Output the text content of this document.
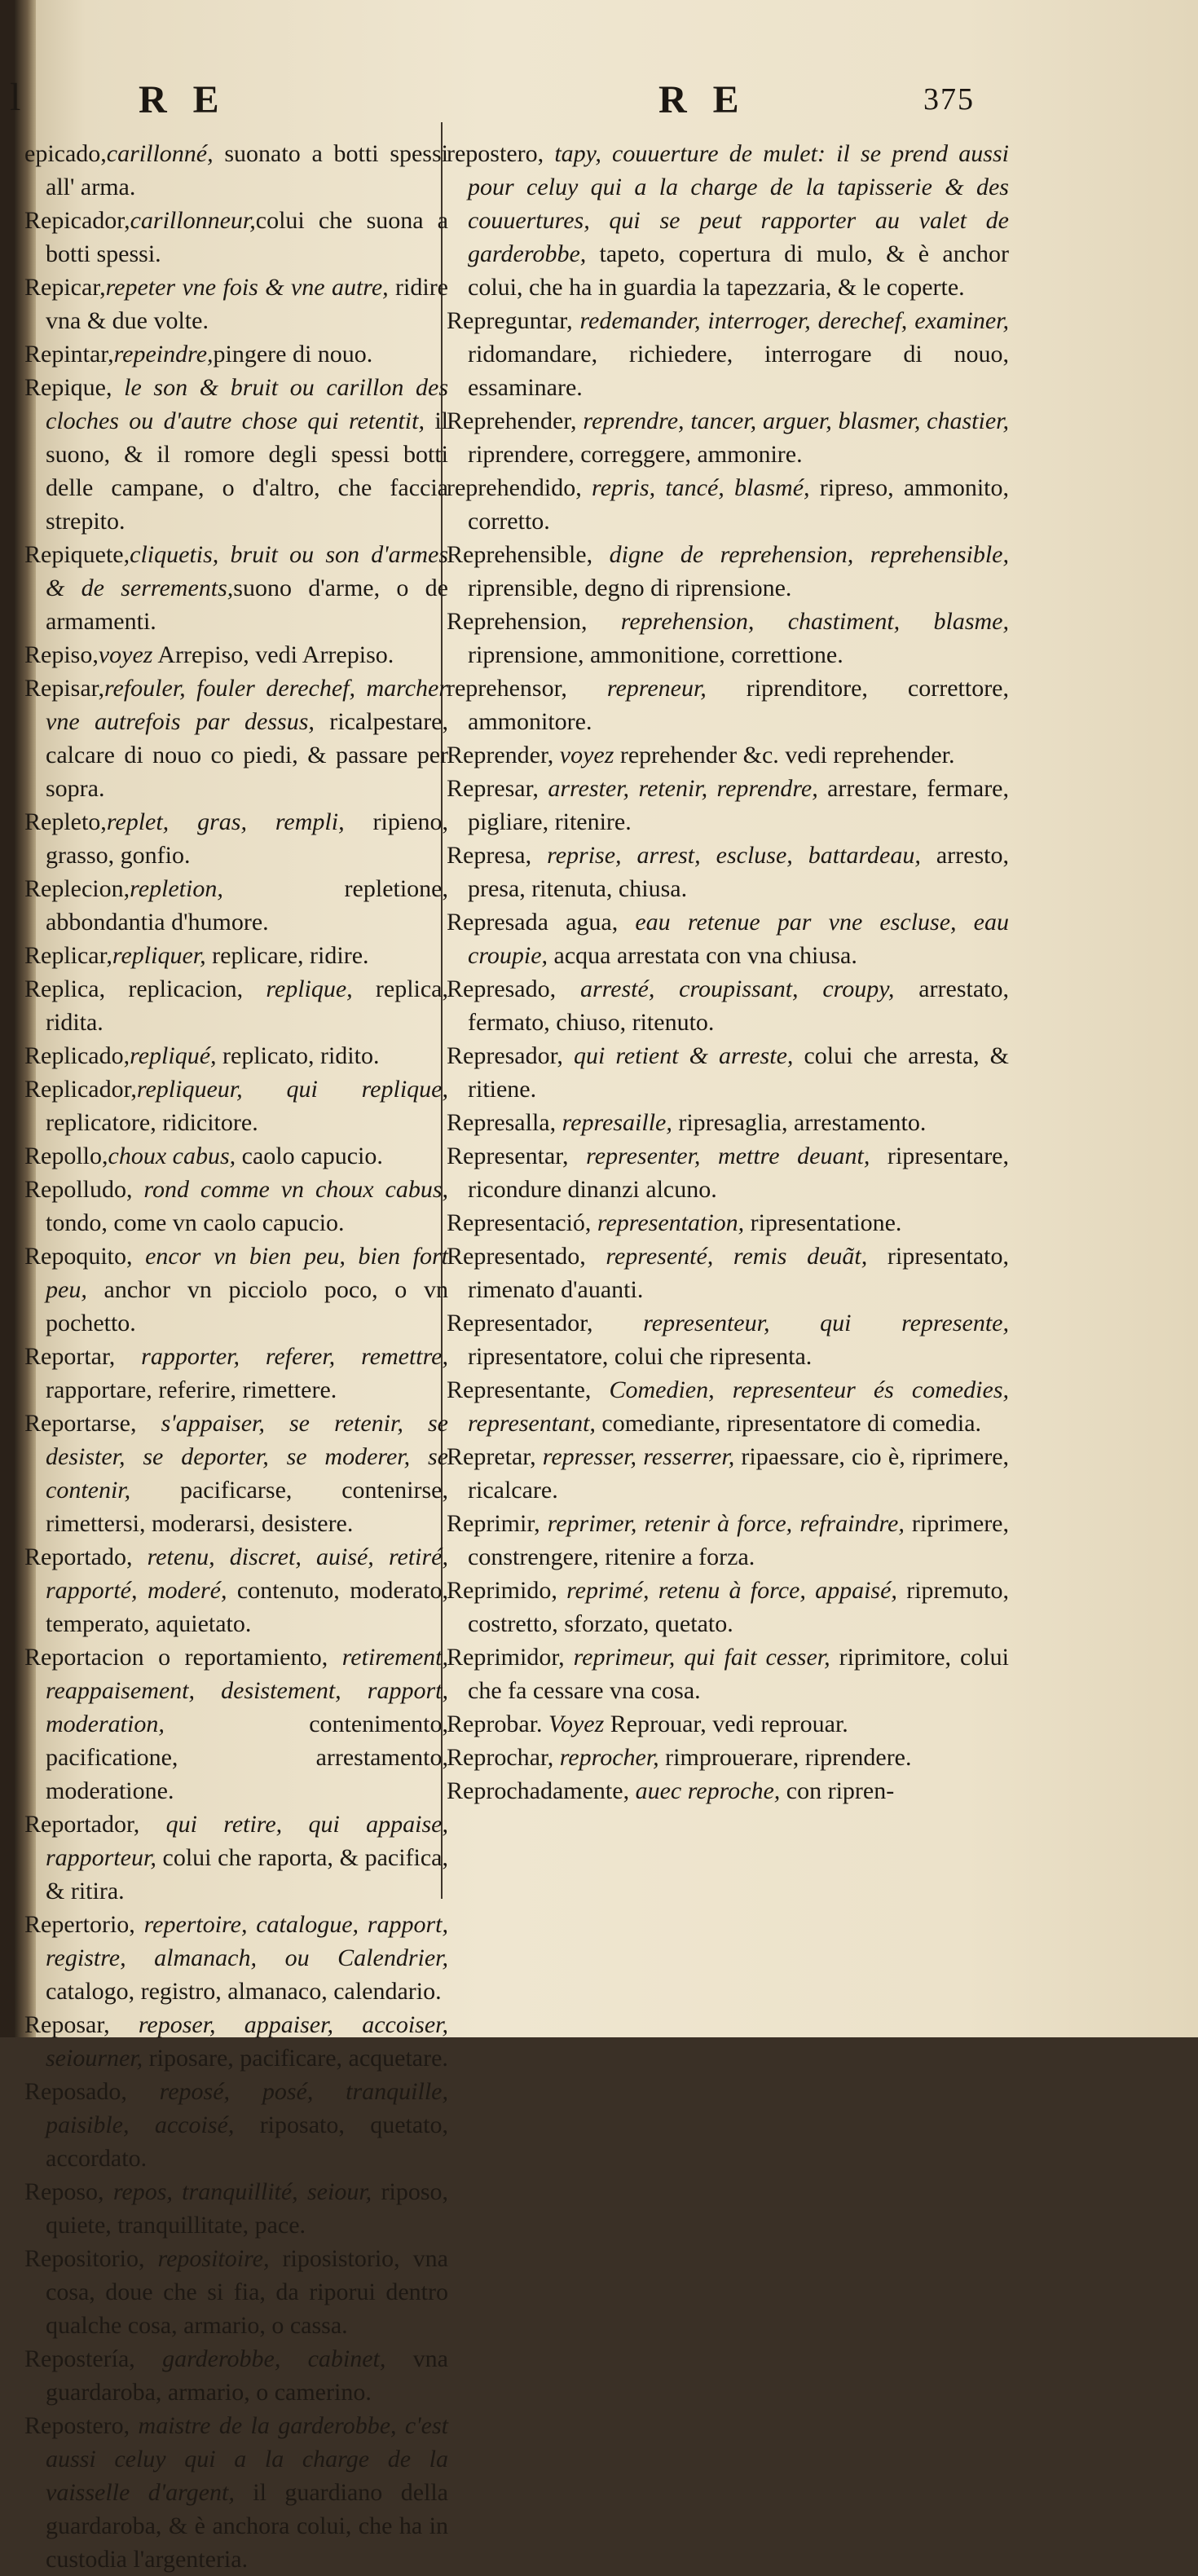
l	R E	R E	375

epicado,carillonné, suonato a botti spessi all' arma.

Repicador,carillonneur,colui che suona a botti spessi.

Repicar,repeter vne fois & vne autre, ridire vna & due volte.

Repintar,repeindre,pingere di nouo.

Repique, le son & bruit ou carillon des cloches ou d'autre chose qui retentit, il suono, & il romore degli spessi botti delle campane, o d'altro, che faccia strepito.

Repiquete,cliquetis, bruit ou son d'armes & de serrements,suono d'arme, o de armamenti.

Repiso,voyez Arrepiso, vedi Arrepiso.

Repisar,refouler, fouler derechef, marcher vne autrefois par dessus, ricalpestare, calcare di nouo co piedi, & passare per sopra.

Repleto,replet, gras, rempli, ripieno, grasso, gonfio.

Replecion,repletion, repletione, abbondantia d'humore.

Replicar,repliquer, replicare, ridire.

Replica, replicacion, replique, replica, ridita.

Replicado,repliqué, replicato, ridito.

Replicador,repliqueur, qui replique, replicatore, ridicitore.

Repollo,choux cabus, caolo capucio.

Repolludo, rond comme vn choux cabus, tondo, come vn caolo capucio.

Repoquito, encor vn bien peu, bien fort peu, anchor vn picciolo poco, o vn pochetto.

Reportar, rapporter, referer, remettre, rapportare, referire, rimettere.

Reportarse, s'appaiser, se retenir, se desister, se deporter, se moderer, se contenir, pacificarse, contenirse, rimettersi, moderarsi, desistere.

Reportado, retenu, discret, auisé, retiré, rapporté, moderé, contenuto, moderato, temperato, aquietato.

Reportacion o reportamiento, retirement, reappaisement, desistement, rapport, moderation, contenimento, pacificatione, arrestamento, moderatione.

Reportador, qui retire, qui appaise, rapporteur, colui che raporta, & pacifica, & ritira.

Repertorio, repertoire, catalogue, rapport, registre, almanach, ou Calendrier, catalogo, registro, almanaco, calendario.

Reposar, reposer, appaiser, accoiser, seiourner, riposare, pacificare, acquetare.

Reposado, reposé, posé, tranquille, paisible, accoisé, riposato, quetato, accordato.

Reposo, repos, tranquillité, seiour, riposo, quiete, tranquillitate, pace.

Repositorio, repositoire, riposistorio, vna cosa, doue che si fia, da riporui dentro qualche cosa, armario, o cassa.

Repostería, garderobbe, cabinet, vna guardaroba, armario, o camerino.

Repostero, maistre de la garderobbe, c'est aussi celuy qui a la charge de la vaisselle d'argent, il guardiano della guardaroba, & è anchora colui, che ha in custodia l'argenteria.

repostero, tapy, couuerture de mulet: il se prend aussi pour celuy qui a la charge de la tapisserie & des couuertures, qui se peut rapporter au valet de garderobbe, tapeto, copertura di mulo, & è anchor colui, che ha in guardia la tapezzaria, & le coperte.

Repreguntar, redemander, interroger, derechef, examiner, ridomandare, richiedere, interrogare di nouo, essaminare.

Reprehender, reprendre, tancer, arguer, blasmer, chastier, riprendere, correggere, ammonire.

reprehendido, repris, tancé, blasmé, ripreso, ammonito, corretto.

Reprehensible, digne de reprehension, reprehensible, riprensible, degno di riprensione.

Reprehension, reprehension, chastiment, blasme, riprensione, ammonitione, correttione.

reprehensor, repreneur, riprenditore, correttore, ammonitore.

Reprender, voyez reprehender &c. vedi reprehender.

Represar, arrester, retenir, reprendre, arrestare, fermare, pigliare, ritenire.

Represa, reprise, arrest, escluse, battardeau, arresto, presa, ritenuta, chiusa.

Represada agua, eau retenue par vne escluse, eau croupie, acqua arrestata con vna chiusa.

Represado, arresté, croupissant, croupy, arrestato, fermato, chiuso, ritenuto.

Represador, qui retient & arreste, colui che arresta, & ritiene.

Represalla, represaille, ripresaglia, arrestamento.

Representar, representer, mettre deuant, ripresentare, ricondure dinanzi alcuno.

Representació, representation, ripresentatione.

Representado, representé, remis deuãt, ripresentato, rimenato d'auanti.

Representador, representeur, qui represente, ripresentatore, colui che ripresenta.

Representante, Comedien, representeur és comedies, representant, comediante, ripresentatore di comedia.

Repretar, represser, resserrer, ripaessare, cio è, riprimere, ricalcare.

Reprimir, reprimer, retenir à force, refraindre, riprimere, constrengere, ritenire a forza.

Reprimido, reprimé, retenu à force, appaisé, ripremuto, costretto, sforzato, quetato.

Reprimidor, reprimeur, qui fait cesser, riprimitore, colui che fa cessare vna cosa.

Reprobar. Voyez Reprouar, vedi reprouar.

Reprochar, reprocher, rimprouerare, riprendere.

Reprochadamente, auec reproche, con ripren-
